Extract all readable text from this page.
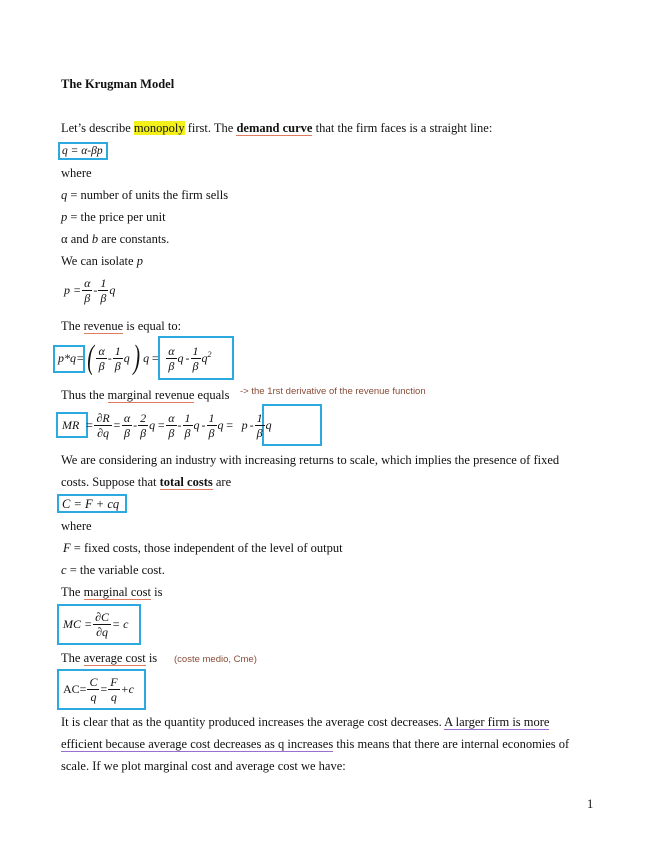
The Krugman Model
Let’s describe monopoly first. The demand curve that the firm faces is a straight line:
q = α-βp
where
q = number of units the firm sells
p = the price per unit
α and b are constants.
We can isolate p
$p = \frac{\alpha}{\beta} - \frac{1}{\beta}$ q
The revenue is equal to:
p*q= ( $\frac{\alpha}{\beta} - \frac{1}{\beta}$ q ) $q = \frac{\alpha}{\beta}$ q - $\frac{1}{\beta} q^2$
Thus the marginal revenue equals -> the 1rst derivative of the revenue function
MR = $\frac{\partial R}{\partial q} = \frac{\alpha}{\beta} - \frac{2}{\beta}$ $q = \frac{\alpha}{\beta} - \frac{1}{\beta}$ q - $\frac{1}{\beta}$ $q = p - \frac{1}{\beta}$ q
We are considering an industry with increasing returns to scale, which implies the presence of fixed
costs. Suppose that total costs are
C = F + cq
where
F = fixed costs, those independent of the level of output
c = the variable cost.
The marginal cost is
MC = $\frac{\partial C}{\partial q} = c$
The average cost is (coste medio, Cme)
$AC= \frac{C}{q} = \frac{F}{q} +c$
It is clear that as the quantity produced increases the average cost decreases. A larger firm is more
efficient because average cost decreases as q increases this means that there are internal economies of
scale. If we plot marginal cost and average cost we have:
1
